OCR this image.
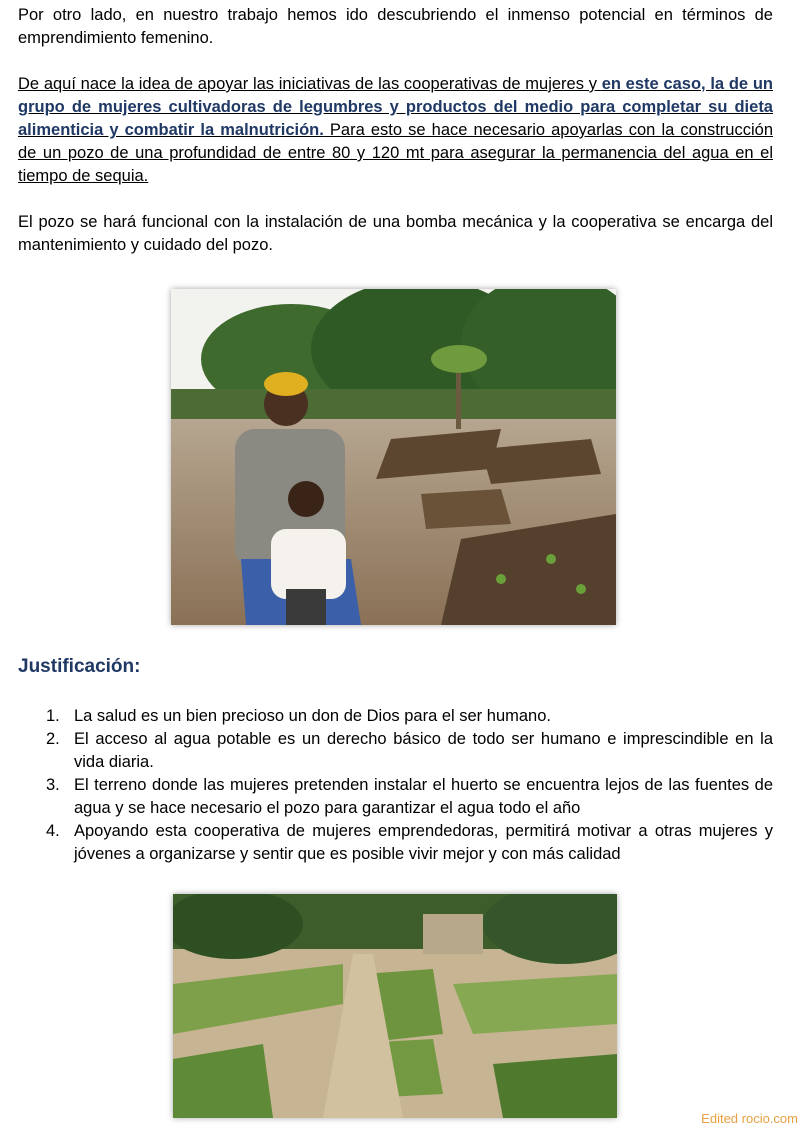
Por otro lado, en nuestro trabajo hemos ido descubriendo el inmenso potencial en términos de emprendimiento femenino.

De aquí nace la idea de apoyar las iniciativas de las cooperativas de mujeres y en este caso, la de un grupo de mujeres cultivadoras de legumbres y productos del medio para completar su dieta alimenticia y combatir la malnutrición. Para esto se hace necesario apoyarlas con la construcción de un pozo de una profundidad de entre 80 y 120 mt para asegurar la permanencia del agua en el tiempo de sequia.

El pozo se hará funcional con la instalación de una bomba mecánica y la cooperativa se encarga del mantenimiento y cuidado del pozo.

Justificación:
1. La salud es un bien precioso un don de Dios para el ser humano.
2. El acceso al agua potable es un derecho básico de todo ser humano e imprescindible en la vida diaria.
3. El terreno donde las mujeres pretenden instalar el huerto se encuentra lejos de las fuentes de agua y se hace necesario el pozo para garantizar el agua todo el año
4. Apoyando esta cooperativa de mujeres emprendedoras, permitirá motivar a otras mujeres y jóvenes a organizarse y sentir que es posible vivir mejor y con más calidad
Edited rocio.com
